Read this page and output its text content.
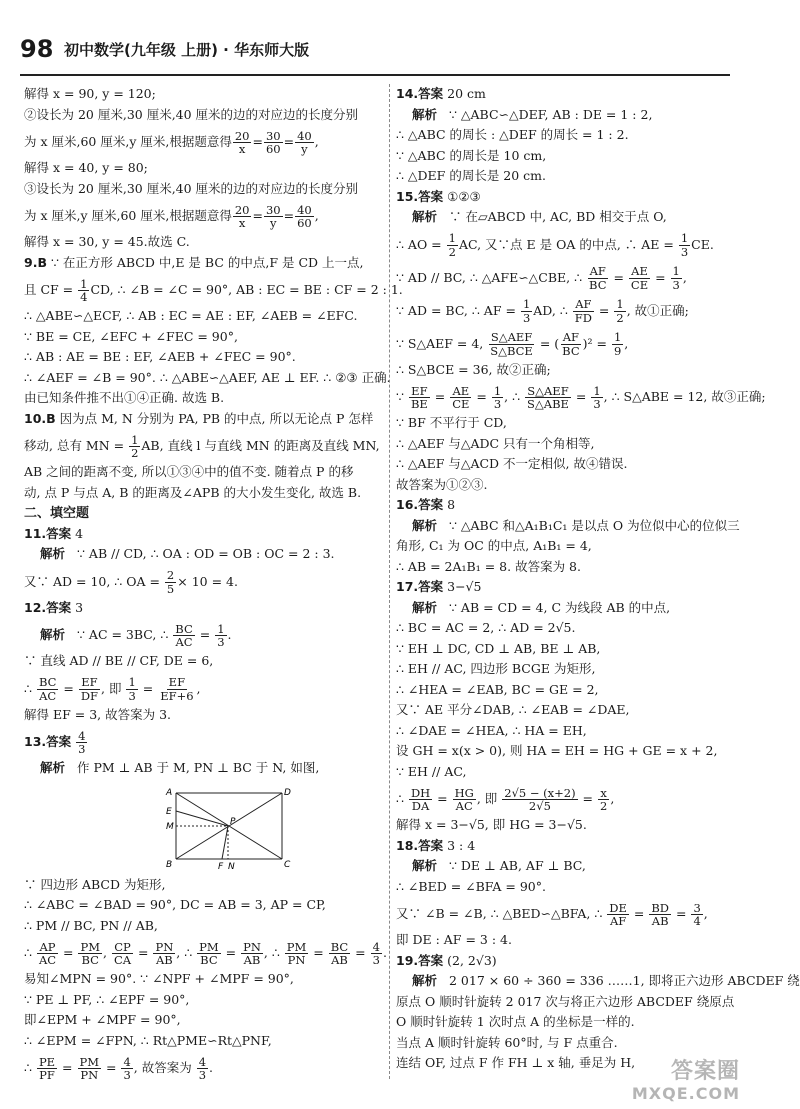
98 初中数学(九年级 上册) · 华东师大版
解得 x = 90, y = 120;
②设长为 20 厘米,30 厘米,40 厘米的边的对应边的长度分别
为 x 厘米,60 厘米,y 厘米,根据题意得 $\frac{20}{x} = \frac{30}{60} = \frac{40}{y}$ ,
解得 x = 40, y = 80;
③设长为 20 厘米,30 厘米,40 厘米的边的对应边的长度分别
为 x 厘米,y 厘米,60 厘米,根据题意得 $\frac{20}{x} = \frac{30}{y} = \frac{40}{60}$ ,
解得 x = 30, y = 45.故选 C.
9.B ∵ 在正方形 ABCD 中,E 是 BC 的中点,F 是 CD 上一点,
且 CF = $\frac{1}{4}$ CD, ∴ ∠B = ∠C = 90°, AB : EC = BE : CF = 2 : 1.
∴ △ABE∽△ECF, ∴ AB : EC = AE : EF, ∠AEB = ∠EFC.
∵ BE = CE, ∠EFC + ∠FEC = 90°,
∴ AB : AE = BE : EF, ∠AEB + ∠FEC = 90°.
∴ ∠AEF = ∠B = 90°. ∴ △ABE∽△AEF, AE ⊥ EF. ∴ ②③ 正确.
由已知条件推不出①④正确. 故选 B.
10.B 因为点 M, N 分别为 PA, PB 的中点, 所以无论点 P 怎样
移动, 总有 MN = $\frac{1}{2}$ AB, 直线 l 与直线 MN 的距离及直线 MN,
AB 之间的距离不变, 所以①③④中的值不变. 随着点 P 的移
动, 点 P 与点 A, B 的距离及∠APB 的大小发生变化, 故选 B.
二、填空题
11.答案 4
解析 ∵ AB // CD, ∴ OA : OD = OB : OC = 2 : 3.
又∵ AD = 10, ∴ OA = $\frac{2}{5} \times 10 = 4$.
12.答案 3
解析 ∵ AC = 3BC, ∴ $\frac{BC}{AC} = \frac{1}{3}$ .
∵ 直线 AD // BE // CF, DE = 6,
∴ $\frac{BC}{AC} = \frac{EF}{DF}$ , 即 $\frac{1}{3} = \frac{EF}{EF+6}$ ,
解得 EF = 3, 故答案为 3.
13.答案 $\frac{4}{3}$
解析 作 PM ⊥ AB 于 M, PN ⊥ BC 于 N, 如图,
A	D
E
M	P
B	F N	C
∵ 四边形 ABCD 为矩形,
∴ ∠ABC = ∠BAD = 90°, DC = AB = 3, AP = CP,
∴ PM // BC, PN // AB,
∴ $\frac{AP}{AC} = \frac{PM}{BC}$ , $\frac{CP}{CA} = \frac{PN}{AB}$ , ∴ $\frac{PM}{BC} = \frac{PN}{AB}$ , ∴ $\frac{PM}{PN} = \frac{BC}{AB} = \frac{4}{3}$ .
易知∠MPN = 90°. ∵ ∠NPF + ∠MPF = 90°,
∵ PE ⊥ PF, ∴ ∠EPF = 90°,
即∠EPM + ∠MPF = 90°,
∴ ∠EPM = ∠FPN, ∴ Rt△PME∽Rt△PNF,
∴ $\frac{PE}{PF} = \frac{PM}{PN} = \frac{4}{3}$ , 故答案为 $\frac{4}{3}$ .
14.答案 20 cm
解析 ∵ △ABC∽△DEF, AB : DE = 1 : 2,
∴ △ABC 的周长 : △DEF 的周长 = 1 : 2.
∵ △ABC 的周长是 10 cm,
∴ △DEF 的周长是 20 cm.
15.答案 ①②③
解析 ∵ 在▱ABCD 中, AC, BD 相交于点 O,
∴ AO = $\frac{1}{2}$ AC, 又∵点 E 是 OA 的中点, ∴ AE = $\frac{1}{3}$ CE.
∵ AD // BC, ∴ △AFE∽△CBE, ∴ $\frac{AF}{BC} = \frac{AE}{CE} = \frac{1}{3}$ ,
∵ AD = BC, ∴ AF = $\frac{1}{3}$ AD, ∴ $\frac{AF}{FD} = \frac{1}{2}$ , 故①正确;
∵ S△AEF = 4, $\frac{\text{S△AEF}}{\text{S△BCE}}$ = ( $\frac{AF}{BC} )^2 = \frac{1}{9}$ ,
∴ S△BCE = 36, 故②正确;
∵ $\frac{EF}{BE} = \frac{AE}{CE} = \frac{1}{3}$ , ∴ $\frac{\text{S△AEF}}{\text{S△ABE}} = \frac{1}{3}$ , ∴ S△ABE = 12, 故③正确;
∵ BF 不平行于 CD,
∴ △AEF 与△ADC 只有一个角相等,
∴ △AEF 与△ACD 不一定相似, 故④错误.
故答案为①②③.
16.答案 8
解析 ∵ △ABC 和△A₁B₁C₁ 是以点 O 为位似中心的位似三
角形, C₁ 为 OC 的中点, A₁B₁ = 4,
∴ AB = 2A₁B₁ = 8. 故答案为 8.
17.答案 3−√5
解析 ∵ AB = CD = 4, C 为线段 AB 的中点,
∴ BC = AC = 2, ∴ AD = 2√5.
∵ EH ⊥ DC, CD ⊥ AB, BE ⊥ AB,
∴ EH // AC, 四边形 BCGE 为矩形,
∴ ∠HEA = ∠EAB, BC = GE = 2,
又∵ AE 平分∠DAB, ∴ ∠EAB = ∠DAE,
∴ ∠DAE = ∠HEA, ∴ HA = EH,
设 GH = x(x > 0), 则 HA = EH = HG + GE = x + 2,
∵ EH // AC,
∴ $\frac{DH}{DA} = \frac{HG}{AC}$ , 即 $\frac{2√5 - (x+2)}{2√5} = \frac{x}{2}$ ,
解得 x = 3−√5, 即 HG = 3−√5.
18.答案 3 : 4
解析 ∵ DE ⊥ AB, AF ⊥ BC,
∴ ∠BED = ∠BFA = 90°.
又∵ ∠B = ∠B, ∴ △BED∽△BFA, ∴ $\frac{DE}{AF} = \frac{BD}{AB} = \frac{3}{4}$ ,
即 DE : AF = 3 : 4.
19.答案 (2, 2√3)
解析 2 017 × 60 ÷ 360 = 336 ……1, 即将正六边形 ABCDEF 绕
原点 O 顺时针旋转 2 017 次与将正六边形 ABCDEF 绕原点
O 顺时针旋转 1 次时点 A 的坐标是一样的.
当点 A 顺时针旋转 60°时, 与 F 点重合.
连结 OF, 过点 F 作 FH ⊥ x 轴, 垂足为 H,	答案圈
MXQE.COM
